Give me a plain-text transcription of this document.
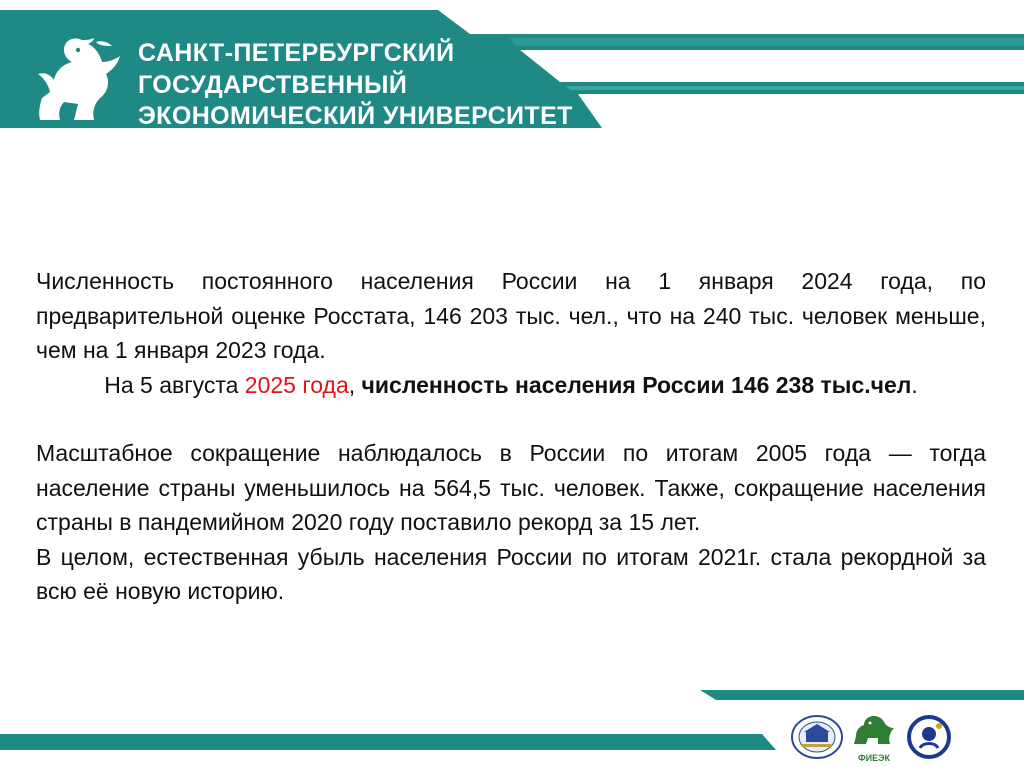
САНКТ-ПЕТЕРБУРГСКИЙ
ГОСУДАРСТВЕННЫЙ
ЭКОНОМИЧЕСКИЙ УНИВЕРСИТЕТ

Численность постоянного населения России на 1 января 2024 года, по предварительной оценке Росстата, 146 203 тыс. чел., что на 240 тыс. человек меньше, чем на 1 января 2023 года.

На 5 августа 2025 года, численность населения России 146 238 тыс.чел.

Масштабное сокращение наблюдалось в России по итогам 2005 года — тогда население страны уменьшилось на 564,5 тыс. человек. Также, сокращение населения страны в пандемийном 2020 году поставило рекорд за 15 лет.

В целом, естественная убыль населения России по итогам 2021г. стала рекордной за всю её новую историю.

ФИЕЭК
